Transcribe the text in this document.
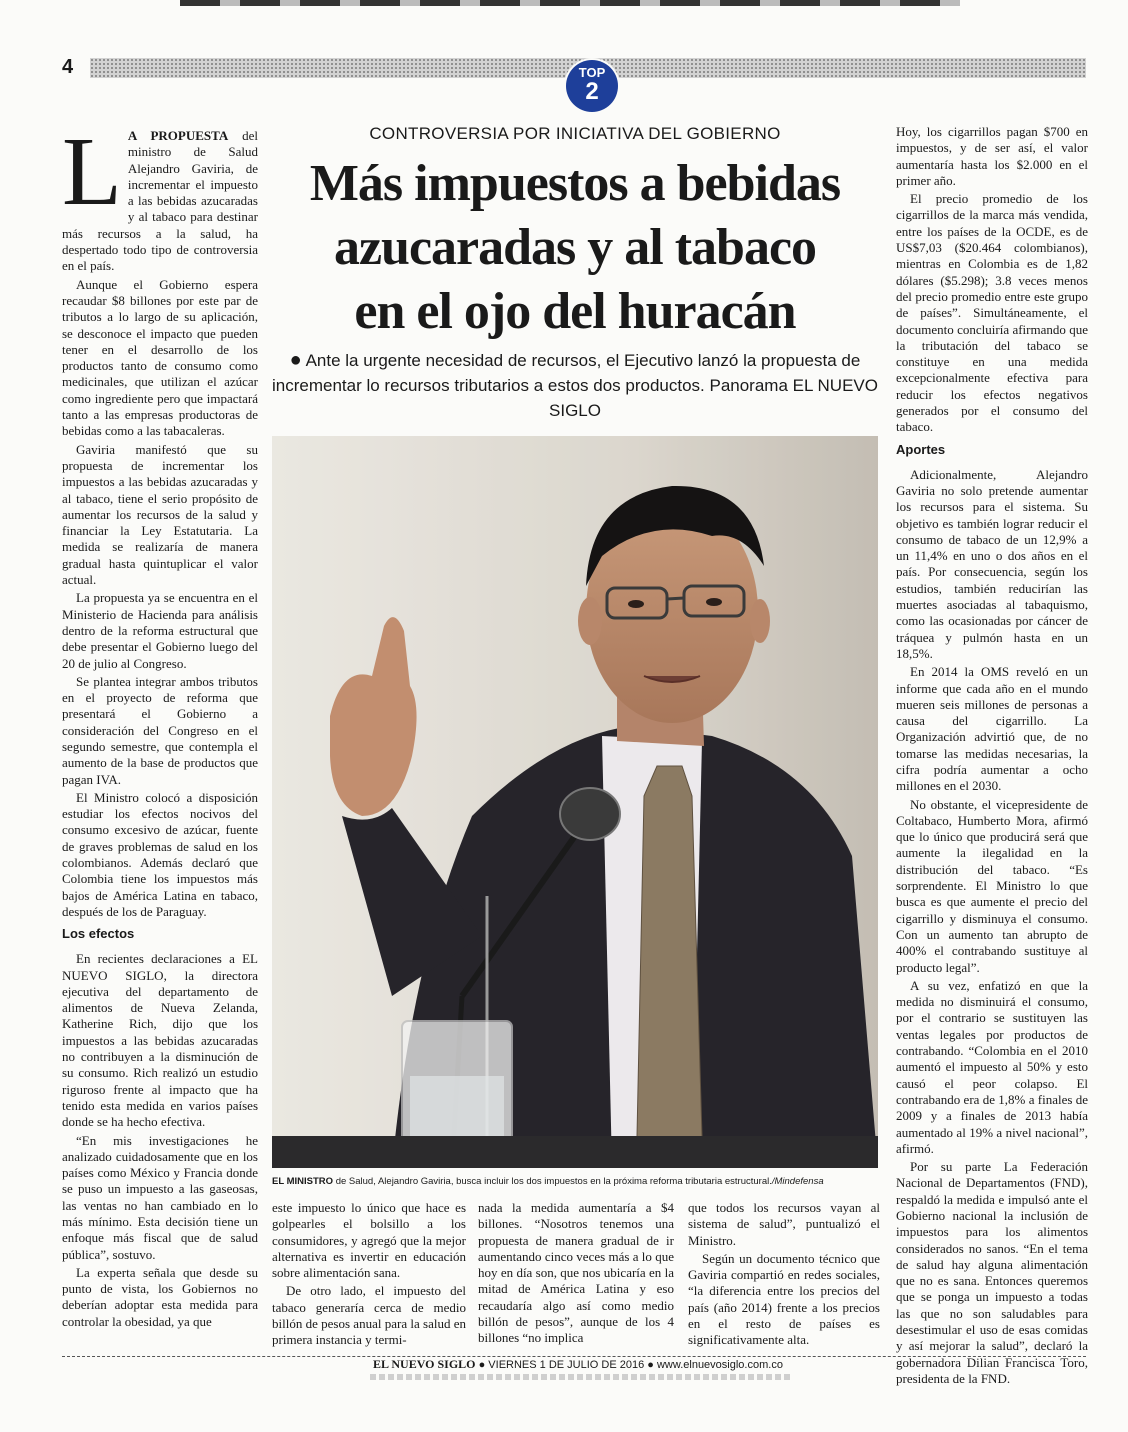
4	TOP
2

L A PROPUESTA del ministro de Salud Alejandro Gaviria, de incrementar el impuesto a las bebidas azucaradas y al tabaco para destinar más recursos a la salud, ha despertado todo tipo de controversia en el país.

Aunque el Gobierno espera recaudar $8 billones por este par de tributos a lo largo de su aplicación, se desconoce el impacto que pueden tener en el desarrollo de los productos tanto de consumo como medicinales, que utilizan el azúcar como ingrediente pero que impactará tanto a las empresas productoras de bebidas como a las tabacaleras.

Gaviria manifestó que su propuesta de incrementar los impuestos a las bebidas azucaradas y al tabaco, tiene el serio propósito de aumentar los recursos de la salud y financiar la Ley Estatutaria. La medida se realizaría de manera gradual hasta quintuplicar el valor actual.

La propuesta ya se encuentra en el Ministerio de Hacienda para análisis dentro de la reforma estructural que debe presentar el Gobierno luego del 20 de julio al Congreso.

Se plantea integrar ambos tributos en el proyecto de reforma que presentará el Gobierno a consideración del Congreso en el segundo semestre, que contempla el aumento de la base de productos que pagan IVA.

El Ministro colocó a disposición estudiar los efectos nocivos del consumo excesivo de azúcar, fuente de graves problemas de salud en los colombianos. Además declaró que Colombia tiene los impuestos más bajos de América Latina en tabaco, después de los de Paraguay.

Los efectos

En recientes declaraciones a EL NUEVO SIGLO, la directora ejecutiva del departamento de alimentos de Nueva Zelanda, Katherine Rich, dijo que los impuestos a las bebidas azucaradas no contribuyen a la disminución de su consumo. Rich realizó un estudio riguroso frente al impacto que ha tenido esta medida en varios países donde se ha hecho efectiva.

“En mis investigaciones he analizado cuidadosamente que en los países como México y Francia donde se puso un impuesto a las gaseosas, las ventas no han cambiado en lo más mínimo. Esta decisión tiene un enfoque más fiscal que de salud pública”, sostuvo.

La experta señala que desde su punto de vista, los Gobiernos no deberían adoptar esta medida para controlar la obesidad, ya que

CONTROVERSIA POR INICIATIVA DEL GOBIERNO
Más impuestos a bebidas
azucaradas y al tabaco
en el ojo del huracán
● Ante la urgente necesidad de recursos, el Ejecutivo lanzó la propuesta de incrementar lo recursos tributarios a estos dos productos. Panorama EL NUEVO SIGLO
EL MINISTRO de Salud, Alejandro Gaviria, busca incluir los dos impuestos en la próxima reforma tributaria estructural./Mindefensa

este impuesto lo único que hace es golpearles el bolsillo a los consumidores, y agregó que la mejor alternativa es invertir en educación sobre alimentación sana.

De otro lado, el impuesto del tabaco generaría cerca de medio billón de pesos anual para la salud en primera instancia y termi-

nada la medida aumentaría a $4 billones. “Nosotros tenemos una propuesta de manera gradual de ir aumentando cinco veces más a lo que hoy en día son, que nos ubicaría en la mitad de América Latina y eso recaudaría algo así como medio billón de pesos”, aunque de los 4 billones “no implica

que todos los recursos vayan al sistema de salud”, puntualizó el Ministro.

Según un documento técnico que Gaviria compartió en redes sociales, “la diferencia entre los precios del país (año 2014) frente a los precios en el resto de países es significativamente alta.

Hoy, los cigarrillos pagan $700 en impuestos, y de ser así, el valor aumentaría hasta los $2.000 en el primer año.

El precio promedio de los cigarrillos de la marca más vendida, entre los países de la OCDE, es de US$7,03 ($20.464 colombianos), mientras en Colombia es de 1,82 dólares ($5.298); 3.8 veces menos del precio promedio entre este grupo de países”. Simultáneamente, el documento concluiría afirmando que la tributación del tabaco se constituye en una medida excepcionalmente efectiva para reducir los efectos negativos generados por el consumo del tabaco.

Aportes

Adicionalmente, Alejandro Gaviria no solo pretende aumentar los recursos para el sistema. Su objetivo es también lograr reducir el consumo de tabaco de un 12,9% a un 11,4% en uno o dos años en el país. Por consecuencia, según los estudios, también reducirían las muertes asociadas al tabaquismo, como las ocasionadas por cáncer de tráquea y pulmón hasta en un 18,5%.

En 2014 la OMS reveló en un informe que cada año en el mundo mueren seis millones de personas a causa del cigarrillo. La Organización advirtió que, de no tomarse las medidas necesarias, la cifra podría aumentar a ocho millones en el 2030.

No obstante, el vicepresidente de Coltabaco, Humberto Mora, afirmó que lo único que producirá será que aumente la ilegalidad en la distribución del tabaco. “Es sorprendente. El Ministro lo que busca es que aumente el precio del cigarrillo y disminuya el consumo. Con un aumento tan abrupto de 400% el contrabando sustituye al producto legal”.

A su vez, enfatizó en que la medida no disminuirá el consumo, por el contrario se sustituyen las ventas legales por productos de contrabando. “Colombia en el 2010 aumentó el impuesto al 50% y esto causó el peor colapso. El contrabando era de 1,8% a finales de 2009 y a finales de 2013 había aumentado al 19% a nivel nacional”, afirmó.

Por su parte La Federación Nacional de Departamentos (FND), respaldó la medida e impulsó ante el Gobierno nacional la inclusión de impuestos para los alimentos considerados no sanos. “En el tema de salud hay alguna alimentación que no es sana. Entonces queremos que se ponga un impuesto a todas las que no son saludables para desestimular el uso de esas comidas y así mejorar la salud”, declaró la gobernadora Dilian Francisca Toro, presidenta de la FND.

EL NUEVO SIGLO ● VIERNES 1 DE JULIO DE 2016 ● www.elnuevosiglo.com.co
